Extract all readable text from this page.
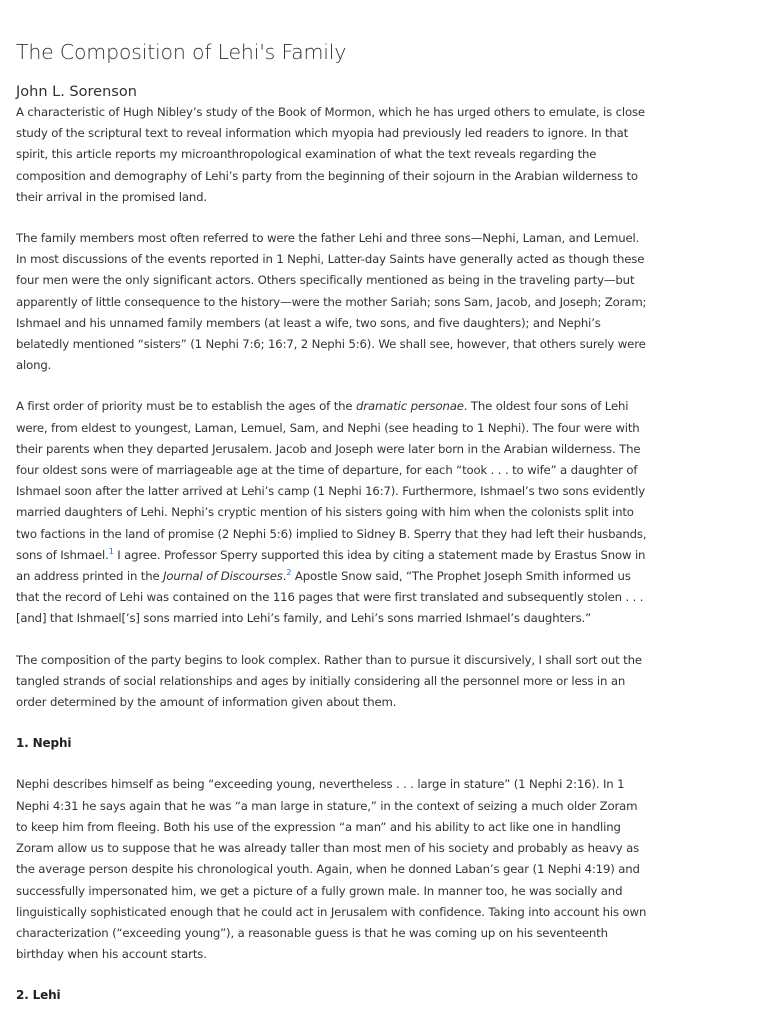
The Composition of Lehi's Family
John L. Sorenson

A characteristic of Hugh Nibley’s study of the Book of Mormon, which he has urged others to emulate, is close study of the scriptural text to reveal information which myopia had previously led readers to ignore. In that spirit, this article reports my microanthropological examination of what the text reveals regarding the composition and demography of Lehi’s party from the beginning of their sojourn in the Arabian wilderness to their arrival in the promised land.

The family members most often referred to were the father Lehi and three sons—Nephi, Laman, and Lemuel. In most discussions of the events reported in 1 Nephi, Latter-day Saints have generally acted as though these four men were the only significant actors. Others specifically mentioned as being in the traveling party—but apparently of little consequence to the history—were the mother Sariah; sons Sam, Jacob, and Joseph; Zoram; Ishmael and his unnamed family members (at least a wife, two sons, and five daughters); and Nephi’s belatedly mentioned “sisters” (1 Nephi 7:6; 16:7, 2 Nephi 5:6). We shall see, however, that others surely were along.

A first order of priority must be to establish the ages of the dramatic personae. The oldest four sons of Lehi were, from eldest to youngest, Laman, Lemuel, Sam, and Nephi (see heading to 1 Nephi). The four were with their parents when they departed Jerusalem. Jacob and Joseph were later born in the Arabian wilderness. The four oldest sons were of marriageable age at the time of departure, for each “took . . . to wife” a daughter of Ishmael soon after the latter arrived at Lehi’s camp (1 Nephi 16:7). Furthermore, Ishmael’s two sons evidently married daughters of Lehi. Nephi’s cryptic mention of his sisters going with him when the colonists split into two factions in the land of promise (2 Nephi 5:6) implied to Sidney B. Sperry that they had left their husbands, sons of Ishmael.$^1$ I agree. Professor Sperry supported this idea by citing a statement made by Erastus Snow in an address printed in the Journal of Discourses.$^2$ Apostle Snow said, “The Prophet Joseph Smith informed us that the record of Lehi was contained on the 116 pages that were first translated and subsequently stolen . . . [and] that Ishmael[’s] sons married into Lehi’s family, and Lehi’s sons married Ishmael’s daughters.”

The composition of the party begins to look complex. Rather than to pursue it discursively, I shall sort out the tangled strands of social relationships and ages by initially considering all the personnel more or less in an order determined by the amount of information given about them.

1. Nephi

Nephi describes himself as being “exceeding young, nevertheless . . . large in stature” (1 Nephi 2:16). In 1 Nephi 4:31 he says again that he was “a man large in stature,” in the context of seizing a much older Zoram to keep him from fleeing. Both his use of the expression “a man” and his ability to act like one in handling Zoram allow us to suppose that he was already taller than most men of his society and probably as heavy as the average person despite his chronological youth. Again, when he donned Laban’s gear (1 Nephi 4:19) and successfully impersonated him, we get a picture of a fully grown male. In manner too, he was socially and linguistically sophisticated enough that he could act in Jerusalem with confidence. Taking into account his own characterization (“exceeding young”), a reasonable guess is that he was coming up on his seventeenth birthday when his account starts.

2. Lehi
